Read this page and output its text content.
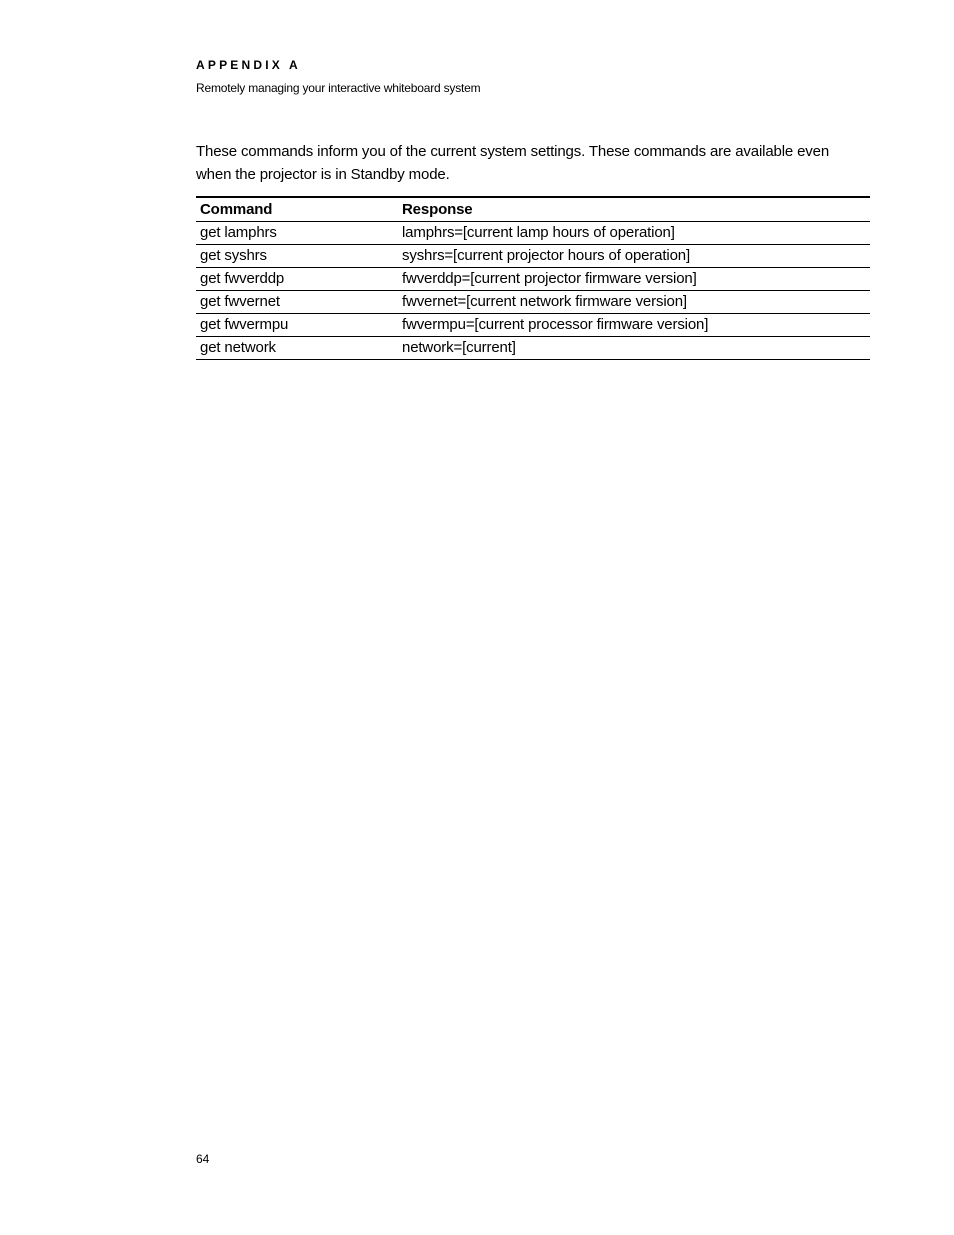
APPENDIX A
Remotely managing your interactive whiteboard system

These commands inform you of the current system settings. These commands are available even when the projector is in Standby mode.

Command	Response
get lamphrs	lamphrs=[current lamp hours of operation]
get syshrs	syshrs=[current projector hours of operation]
get fwverddp	fwverddp=[current projector firmware version]
get fwvernet	fwvernet=[current network firmware version]
get fwvermpu	fwvermpu=[current processor firmware version]
get network	network=[current]
64
